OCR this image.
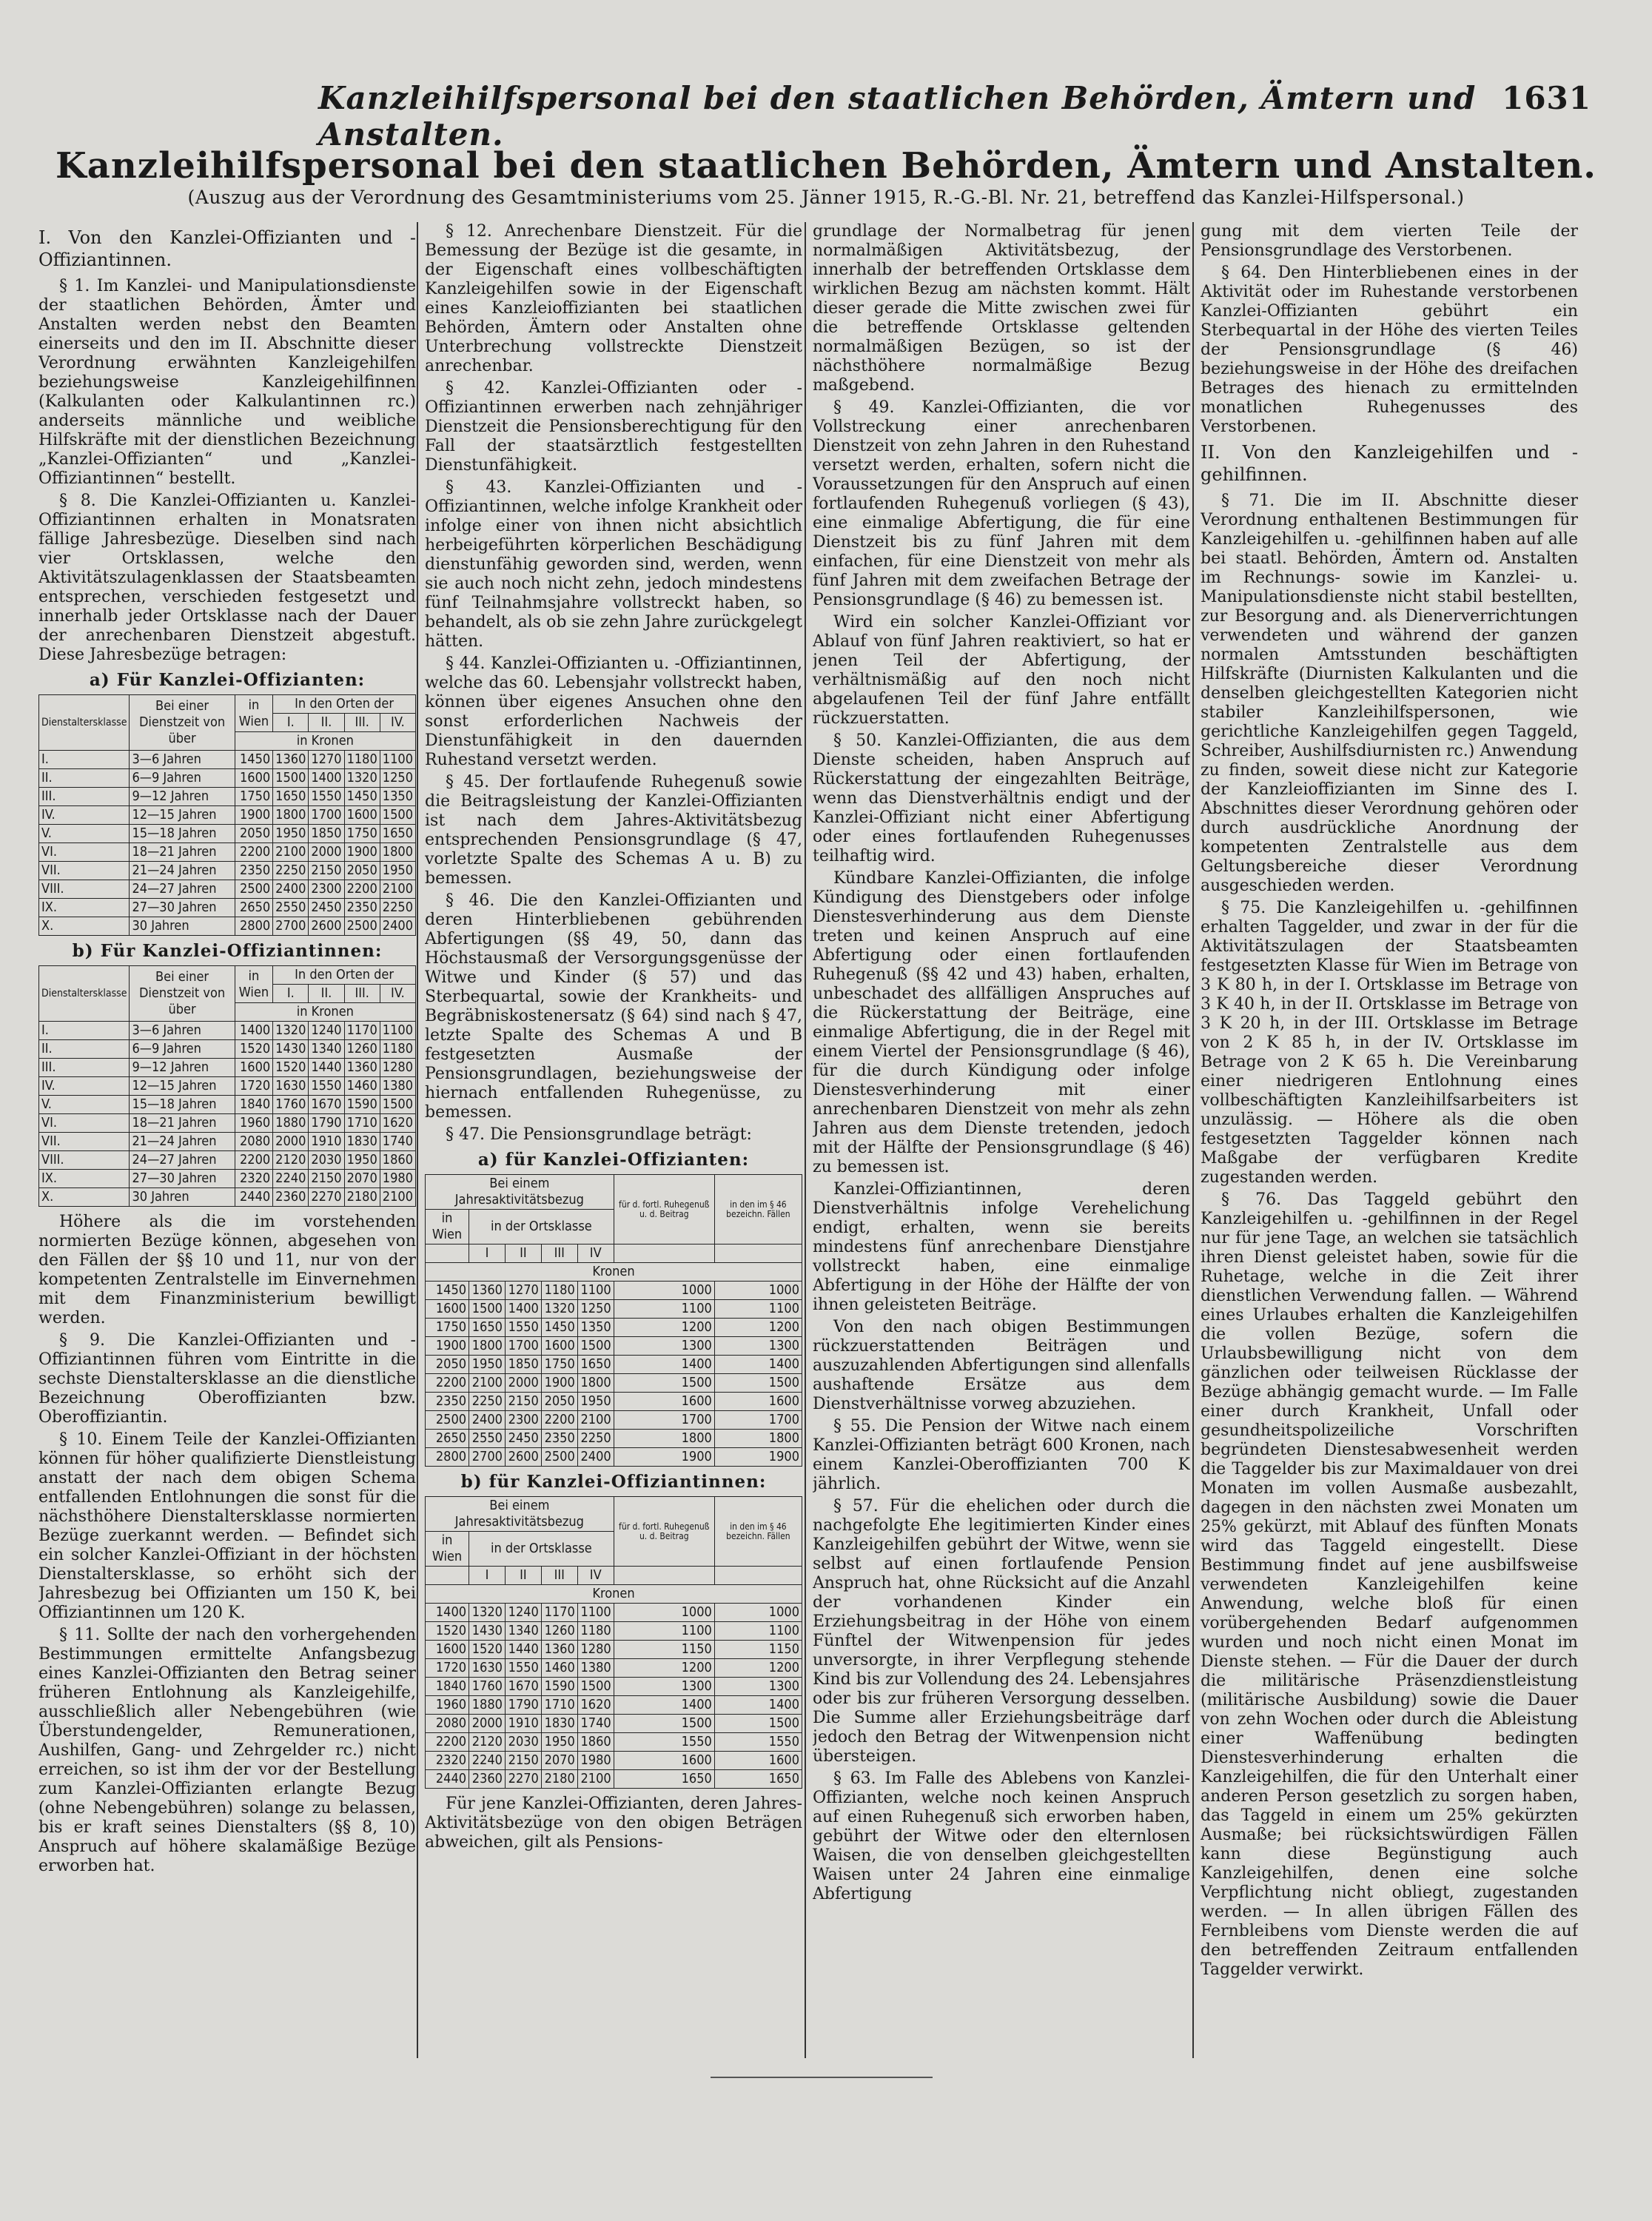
Kanzleihilfspersonal bei den staatlichen Behörden, Ämtern und Anstalten.
1631
Kanzleihilfspersonal bei den staatlichen Behörden, Ämtern und Anstalten.
(Auszug aus der Verordnung des Gesamtministeriums vom 25. Jänner 1915, R.-G.-Bl. Nr. 21, betreffend das Kanzlei-Hilfspersonal.)
I. Von den Kanzlei-Offizianten und -Offiziantinnen.

§ 1. Im Kanzlei- und Manipulationsdienste der staatlichen Behörden, Ämter und Anstalten werden nebst den Beamten einerseits und den im II. Abschnitte dieser Verordnung erwähnten Kanzleigehilfen beziehungsweise Kanzleigehilfinnen (Kalkulanten oder Kalkulantinnen rc.) anderseits männliche und weibliche Hilfskräfte mit der dienstlichen Bezeichnung „Kanzlei-Offizianten“ und „Kanzlei-Offiziantinnen“ bestellt.

§ 8. Die Kanzlei-Offizianten u. Kanzlei-Offiziantinnen erhalten in Monatsraten fällige Jahresbezüge. Dieselben sind nach vier Ortsklassen, welche den Aktivitätszulagenklassen der Staatsbeamten entsprechen, verschieden festgesetzt und innerhalb jeder Ortsklasse nach der Dauer der anrechenbaren Dienstzeit abgestuft. Diese Jahresbezüge betragen:

a) Für Kanzlei-Offizianten:
Dienstaltersklasse	Bei einer Dienstzeit von über	in Wien	In den Orten der			
			I.	II.	III.	IV.
		in Kronen				
I.	3—6 Jahren	1450	1360	1270	1180	1100
II.	6—9 Jahren	1600	1500	1400	1320	1250
III.	9—12 Jahren	1750	1650	1550	1450	1350
IV.	12—15 Jahren	1900	1800	1700	1600	1500
V.	15—18 Jahren	2050	1950	1850	1750	1650
VI.	18—21 Jahren	2200	2100	2000	1900	1800
VII.	21—24 Jahren	2350	2250	2150	2050	1950
VIII.	24—27 Jahren	2500	2400	2300	2200	2100
IX.	27—30 Jahren	2650	2550	2450	2350	2250
X.	30 Jahren	2800	2700	2600	2500	2400
b) Für Kanzlei-Offiziantinnen:
Dienstaltersklasse	Bei einer Dienstzeit von über	in Wien	In den Orten der			
			I.	II.	III.	IV.
		in Kronen				
I.	3—6 Jahren	1400	1320	1240	1170	1100
II.	6—9 Jahren	1520	1430	1340	1260	1180
III.	9—12 Jahren	1600	1520	1440	1360	1280
IV.	12—15 Jahren	1720	1630	1550	1460	1380
V.	15—18 Jahren	1840	1760	1670	1590	1500
VI.	18—21 Jahren	1960	1880	1790	1710	1620
VII.	21—24 Jahren	2080	2000	1910	1830	1740
VIII.	24—27 Jahren	2200	2120	2030	1950	1860
IX.	27—30 Jahren	2320	2240	2150	2070	1980
X.	30 Jahren	2440	2360	2270	2180	2100

Höhere als die im vorstehenden normierten Bezüge können, abgesehen von den Fällen der §§ 10 und 11, nur von der kompetenten Zentralstelle im Einvernehmen mit dem Finanzministerium bewilligt werden.

§ 9. Die Kanzlei-Offizianten und -Offiziantinnen führen vom Eintritte in die sechste Dienstaltersklasse an die dienstliche Bezeichnung Oberoffizianten bzw. Oberoffiziantin.

§ 10. Einem Teile der Kanzlei-Offizianten können für höher qualifizierte Dienstleistung anstatt der nach dem obigen Schema entfallenden Entlohnungen die sonst für die nächsthöhere Dienstaltersklasse normierten Bezüge zuerkannt werden. — Befindet sich ein solcher Kanzlei-Offiziant in der höchsten Dienstaltersklasse, so erhöht sich der Jahresbezug bei Offizianten um 150 K, bei Offiziantinnen um 120 K.

§ 11. Sollte der nach den vorhergehenden Bestimmungen ermittelte Anfangsbezug eines Kanzlei-Offizianten den Betrag seiner früheren Entlohnung als Kanzleigehilfe, ausschließlich aller Nebengebühren (wie Überstundengelder, Remunerationen, Aushilfen, Gang- und Zehrgelder rc.) nicht erreichen, so ist ihm der vor der Bestellung zum Kanzlei-Offizianten erlangte Bezug (ohne Nebengebühren) solange zu belassen, bis er kraft seines Dienstalters (§§ 8, 10) Anspruch auf höhere skalamäßige Bezüge erworben hat.

§ 12. Anrechenbare Dienstzeit. Für die Bemessung der Bezüge ist die gesamte, in der Eigenschaft eines vollbeschäftigten Kanzleigehilfen sowie in der Eigenschaft eines Kanzleioffizianten bei staatlichen Behörden, Ämtern oder Anstalten ohne Unterbrechung vollstreckte Dienstzeit anrechenbar.

§ 42. Kanzlei-Offizianten oder -Offiziantinnen erwerben nach zehnjähriger Dienstzeit die Pensionsberechtigung für den Fall der staatsärztlich festgestellten Dienstunfähigkeit.

§ 43. Kanzlei-Offizianten und -Offiziantinnen, welche infolge Krankheit oder infolge einer von ihnen nicht absichtlich herbeigeführten körperlichen Beschädigung dienstunfähig geworden sind, werden, wenn sie auch noch nicht zehn, jedoch mindestens fünf Teilnahmsjahre vollstreckt haben, so behandelt, als ob sie zehn Jahre zurückgelegt hätten.

§ 44. Kanzlei-Offizianten u. -Offiziantinnen, welche das 60. Lebensjahr vollstreckt haben, können über eigenes Ansuchen ohne den sonst erforderlichen Nachweis der Dienstunfähigkeit in den dauernden Ruhestand versetzt werden.

§ 45. Der fortlaufende Ruhegenuß sowie die Beitragsleistung der Kanzlei-Offizianten ist nach dem Jahres-Aktivitätsbezug entsprechenden Pensionsgrundlage (§ 47, vorletzte Spalte des Schemas A u. B) zu bemessen.

§ 46. Die den Kanzlei-Offizianten und deren Hinterbliebenen gebührenden Abfertigungen (§§ 49, 50, dann das Höchstausmaß der Versorgungsgenüsse der Witwe und Kinder (§ 57) und das Sterbequartal, sowie der Krankheits- und Begräbniskostenersatz (§ 64) sind nach § 47, letzte Spalte des Schemas A und B festgesetzten Ausmaße der Pensionsgrundlagen, beziehungsweise der hiernach entfallenden Ruhegenüsse, zu bemessen.

§ 47. Die Pensionsgrundlage beträgt:

a) für Kanzlei-Offizianten:
Bei einem Jahresaktivitätsbezug					für d. fortl. Ruhegenuß u. d. Beitrag	in den im § 46 bezeichn. Fällen
in Wien	in der Ortsklasse					
	I	II	III	IV		
Kronen						
1450	1360	1270	1180	1100	1000	1000
1600	1500	1400	1320	1250	1100	1100
1750	1650	1550	1450	1350	1200	1200
1900	1800	1700	1600	1500	1300	1300
2050	1950	1850	1750	1650	1400	1400
2200	2100	2000	1900	1800	1500	1500
2350	2250	2150	2050	1950	1600	1600
2500	2400	2300	2200	2100	1700	1700
2650	2550	2450	2350	2250	1800	1800
2800	2700	2600	2500	2400	1900	1900
b) für Kanzlei-Offiziantinnen:
Bei einem Jahresaktivitätsbezug					für d. fortl. Ruhegenuß u. d. Beitrag	in den im § 46 bezeichn. Fällen
in Wien	in der Ortsklasse					
	I	II	III	IV		
Kronen						
1400	1320	1240	1170	1100	1000	1000
1520	1430	1340	1260	1180	1100	1100
1600	1520	1440	1360	1280	1150	1150
1720	1630	1550	1460	1380	1200	1200
1840	1760	1670	1590	1500	1300	1300
1960	1880	1790	1710	1620	1400	1400
2080	2000	1910	1830	1740	1500	1500
2200	2120	2030	1950	1860	1550	1550
2320	2240	2150	2070	1980	1600	1600
2440	2360	2270	2180	2100	1650	1650

Für jene Kanzlei-Offizianten, deren Jahres-Aktivitätsbezüge von den obigen Beträgen abweichen, gilt als Pensions-

grundlage der Normalbetrag für jenen normalmäßigen Aktivitätsbezug, der innerhalb der betreffenden Ortsklasse dem wirklichen Bezug am nächsten kommt. Hält dieser gerade die Mitte zwischen zwei für die betreffende Ortsklasse geltenden normalmäßigen Bezügen, so ist der nächsthöhere normalmäßige Bezug maßgebend.

§ 49. Kanzlei-Offizianten, die vor Vollstreckung einer anrechenbaren Dienstzeit von zehn Jahren in den Ruhestand versetzt werden, erhalten, sofern nicht die Voraussetzungen für den Anspruch auf einen fortlaufenden Ruhegenuß vorliegen (§ 43), eine einmalige Abfertigung, die für eine Dienstzeit bis zu fünf Jahren mit dem einfachen, für eine Dienstzeit von mehr als fünf Jahren mit dem zweifachen Betrage der Pensionsgrundlage (§ 46) zu bemessen ist.

Wird ein solcher Kanzlei-Offiziant vor Ablauf von fünf Jahren reaktiviert, so hat er jenen Teil der Abfertigung, der verhältnismäßig auf den noch nicht abgelaufenen Teil der fünf Jahre entfällt rückzuerstatten.

§ 50. Kanzlei-Offizianten, die aus dem Dienste scheiden, haben Anspruch auf Rückerstattung der eingezahlten Beiträge, wenn das Dienstverhältnis endigt und der Kanzlei-Offiziant nicht einer Abfertigung oder eines fortlaufenden Ruhegenusses teilhaftig wird.

Kündbare Kanzlei-Offizianten, die infolge Kündigung des Dienstgebers oder infolge Dienstesverhinderung aus dem Dienste treten und keinen Anspruch auf eine Abfertigung oder einen fortlaufenden Ruhegenuß (§§ 42 und 43) haben, erhalten, unbeschadet des allfälligen Anspruches auf die Rückerstattung der Beiträge, eine einmalige Abfertigung, die in der Regel mit einem Viertel der Pensionsgrundlage (§ 46), für die durch Kündigung oder infolge Dienstesverhinderung mit einer anrechenbaren Dienstzeit von mehr als zehn Jahren aus dem Dienste tretenden, jedoch mit der Hälfte der Pensionsgrundlage (§ 46) zu bemessen ist.

Kanzlei-Offiziantinnen, deren Dienstverhältnis infolge Verehelichung endigt, erhalten, wenn sie bereits mindestens fünf anrechenbare Dienstjahre vollstreckt haben, eine einmalige Abfertigung in der Höhe der Hälfte der von ihnen geleisteten Beiträge.

Von den nach obigen Bestimmungen rückzuerstattenden Beiträgen und auszuzahlenden Abfertigungen sind allenfalls aushaftende Ersätze aus dem Dienstverhältnisse vorweg abzuziehen.

§ 55. Die Pension der Witwe nach einem Kanzlei-Offizianten beträgt 600 Kronen, nach einem Kanzlei-Oberoffizianten 700 K jährlich.

§ 57. Für die ehelichen oder durch die nachgefolgte Ehe legitimierten Kinder eines Kanzleigehilfen gebührt der Witwe, wenn sie selbst auf einen fortlaufende Pension Anspruch hat, ohne Rücksicht auf die Anzahl der vorhandenen Kinder ein Erziehungsbeitrag in der Höhe von einem Fünftel der Witwenpension für jedes unversorgte, in ihrer Verpflegung stehende Kind bis zur Vollendung des 24. Lebensjahres oder bis zur früheren Versorgung desselben. Die Summe aller Erziehungsbeiträge darf jedoch den Betrag der Witwenpension nicht übersteigen.

§ 63. Im Falle des Ablebens von Kanzlei-Offizianten, welche noch keinen Anspruch auf einen Ruhegenuß sich erworben haben, gebührt der Witwe oder den elternlosen Waisen, die von denselben gleichgestellten Waisen unter 24 Jahren eine einmalige Abfertigung

gung mit dem vierten Teile der Pensionsgrundlage des Verstorbenen.

§ 64. Den Hinterbliebenen eines in der Aktivität oder im Ruhestande verstorbenen Kanzlei-Offizianten gebührt ein Sterbequartal in der Höhe des vierten Teiles der Pensionsgrundlage (§ 46) beziehungsweise in der Höhe des dreifachen Betrages des hienach zu ermittelnden monatlichen Ruhegenusses des Verstorbenen.

II. Von den Kanzleigehilfen und -gehilfinnen.

§ 71. Die im II. Abschnitte dieser Verordnung enthaltenen Bestimmungen für Kanzleigehilfen u. -gehilfinnen haben auf alle bei staatl. Behörden, Ämtern od. Anstalten im Rechnungs- sowie im Kanzlei- u. Manipulationsdienste nicht stabil bestellten, zur Besorgung and. als Dienerverrichtungen verwendeten und während der ganzen normalen Amtsstunden beschäftigten Hilfskräfte (Diurnisten Kalkulanten und die denselben gleichgestellten Kategorien nicht stabiler Kanzleihilfspersonen, wie gerichtliche Kanzleigehilfen gegen Taggeld, Schreiber, Aushilfsdiurnisten rc.) Anwendung zu finden, soweit diese nicht zur Kategorie der Kanzleioffizianten im Sinne des I. Abschnittes dieser Verordnung gehören oder durch ausdrückliche Anordnung der kompetenten Zentralstelle aus dem Geltungsbereiche dieser Verordnung ausgeschieden werden.

§ 75. Die Kanzleigehilfen u. -gehilfinnen erhalten Taggelder, und zwar in der für die Aktivitätszulagen der Staatsbeamten festgesetzten Klasse für Wien im Betrage von 3 K 80 h, in der I. Ortsklasse im Betrage von 3 K 40 h, in der II. Ortsklasse im Betrage von 3 K 20 h, in der III. Ortsklasse im Betrage von 2 K 85 h, in der IV. Ortsklasse im Betrage von 2 K 65 h. Die Vereinbarung einer niedrigeren Entlohnung eines vollbeschäftigten Kanzleihilfsarbeiters ist unzulässig. — Höhere als die oben festgesetzten Taggelder können nach Maßgabe der verfügbaren Kredite zugestanden werden.

§ 76. Das Taggeld gebührt den Kanzleigehilfen u. -gehilfinnen in der Regel nur für jene Tage, an welchen sie tatsächlich ihren Dienst geleistet haben, sowie für die Ruhetage, welche in die Zeit ihrer dienstlichen Verwendung fallen. — Während eines Urlaubes erhalten die Kanzleigehilfen die vollen Bezüge, sofern die Urlaubsbewilligung nicht von dem gänzlichen oder teilweisen Rücklasse der Bezüge abhängig gemacht wurde. — Im Falle einer durch Krankheit, Unfall oder gesundheitspolizeiliche Vorschriften begründeten Dienstesabwesenheit werden die Taggelder bis zur Maximaldauer von drei Monaten im vollen Ausmaße ausbezahlt, dagegen in den nächsten zwei Monaten um 25% gekürzt, mit Ablauf des fünften Monats wird das Taggeld eingestellt. Diese Bestimmung findet auf jene ausbilfsweise verwendeten Kanzleigehilfen keine Anwendung, welche bloß für einen vorübergehenden Bedarf aufgenommen wurden und noch nicht einen Monat im Dienste stehen. — Für die Dauer der durch die militärische Präsenzdienstleistung (militärische Ausbildung) sowie die Dauer von zehn Wochen oder durch die Ableistung einer Waffenübung bedingten Dienstesverhinderung erhalten die Kanzleigehilfen, die für den Unterhalt einer anderen Person gesetzlich zu sorgen haben, das Taggeld in einem um 25% gekürzten Ausmaße; bei rücksichtswürdigen Fällen kann diese Begünstigung auch Kanzleigehilfen, denen eine solche Verpflichtung nicht obliegt, zugestanden werden. — In allen übrigen Fällen des Fernbleibens vom Dienste werden die auf den betreffenden Zeitraum entfallenden Taggelder verwirkt.
